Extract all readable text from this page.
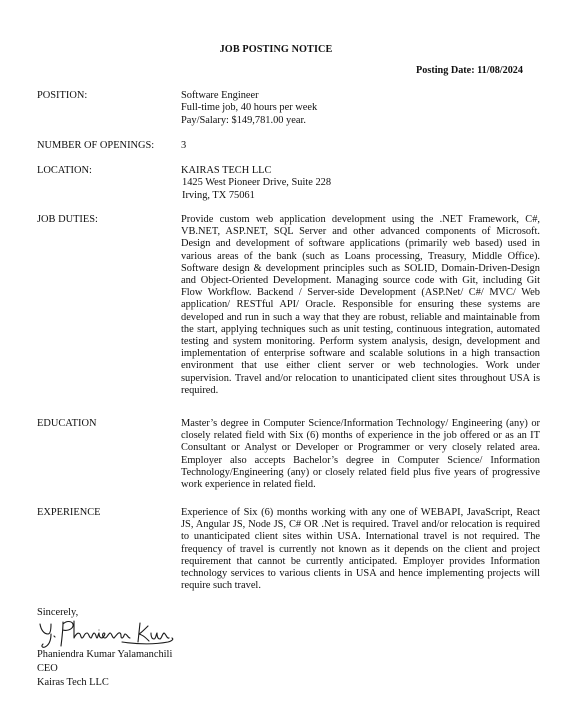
JOB POSTING NOTICE
Posting Date: 11/08/2024
POSITION:	Software Engineer
Full-time job, 40 hours per week
Pay/Salary: $149,781.00 year.
NUMBER OF OPENINGS:	3
LOCATION:	KAIRAS TECH LLC
1425 West Pioneer Drive, Suite 228
Irving, TX 75061
JOB DUTIES:	Provide custom web application development using the .NET Framework, C#, VB.NET, ASP.NET, SQL Server and other advanced components of Microsoft. Design and development of software applications (primarily web based) used in various areas of the bank (such as Loans processing, Treasury, Middle Office). Software design & development principles such as SOLID, Domain-Driven-Design and Object-Oriented Development. Managing source code with Git, including Git Flow Workflow. Backend / Server-side Development (ASP.Net/ C#/ MVC/ Web application/ RESTful API/ Oracle. Responsible for ensuring these systems are developed and run in such a way that they are robust, reliable and maintainable from the start, applying techniques such as unit testing, continuous integration, automated testing and system monitoring. Perform system analysis, design, development and implementation of enterprise software and scalable solutions in a high transaction environment that use either client server or web technologies. Work under supervision. Travel and/or relocation to unanticipated client sites throughout USA is required.
EDUCATION	Master’s degree in Computer Science/Information Technology/ Engineering (any) or closely related field with Six (6) months of experience in the job offered or as an IT Consultant or Analyst or Developer or Programmer or very closely related area. Employer also accepts Bachelor’s degree in Computer Science/ Information Technology/Engineering (any) or closely related field plus five years of progressive work experience in related field.
EXPERIENCE	Experience of Six (6) months working with any one of WEBAPI, JavaScript, React JS, Angular JS, Node JS, C# OR .Net is required. Travel and/or relocation is required to unanticipated client sites within USA. International travel is not required. The frequency of travel is currently not known as it depends on the client and project requirement that cannot be currently anticipated. Employer provides Information technology services to various clients in USA and hence implementing projects will require such travel.
Sincerely,
Phaniendra Kumar Yalamanchili
CEO
Kairas Tech LLC
